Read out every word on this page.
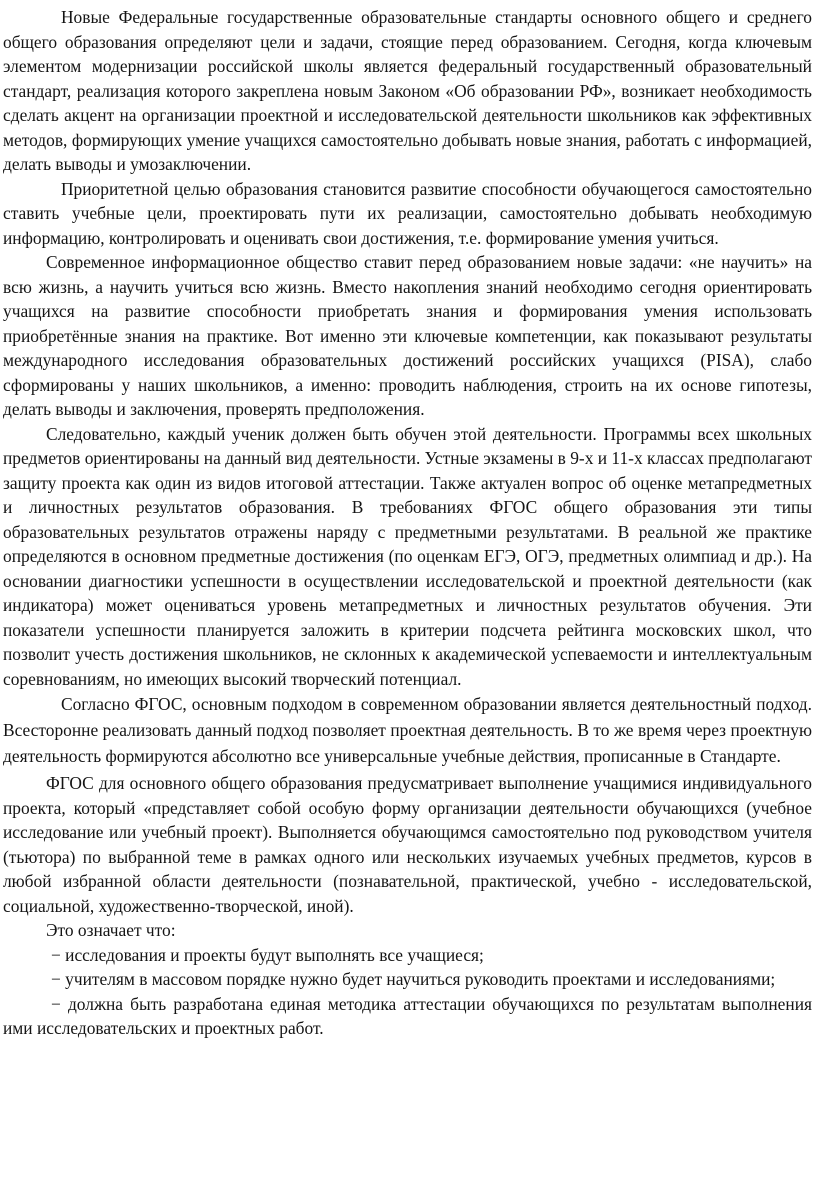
Новые Федеральные государственные образовательные стандарты основного общего и среднего общего образования определяют цели и задачи, стоящие перед образованием. Сегодня, когда ключевым элементом модернизации российской школы является федеральный государственный образовательный стандарт, реализация которого закреплена новым Законом «Об образовании РФ», возникает необходимость сделать акцент на организации проектной и исследовательской деятельности школьников как эффективных методов, формирующих умение учащихся самостоятельно добывать новые знания, работать с информацией, делать выводы и умозаключении.

Приоритетной целью образования становится развитие способности обучающегося самостоятельно ставить учебные цели, проектировать пути их реализации, самостоятельно добывать необходимую информацию, контролировать и оценивать свои достижения, т.е. формирование умения учиться.

Современное информационное общество ставит перед образованием новые задачи: «не научить» на всю жизнь, а научить учиться всю жизнь. Вместо накопления знаний необходимо сегодня ориентировать учащихся на развитие способности приобретать знания и формирования умения использовать приобретённые знания на практике. Вот именно эти ключевые компетенции, как показывают результаты международного исследования образовательных достижений российских учащихся (PISA), слабо сформированы у наших школьников, а именно: проводить наблюдения, строить на их основе гипотезы, делать выводы и заключения, проверять предположения.

Следовательно, каждый ученик должен быть обучен этой деятельности. Программы всех школьных предметов ориентированы на данный вид деятельности. Устные экзамены в 9-х и 11-х классах предполагают защиту проекта как один из видов итоговой аттестации. Также актуален вопрос об оценке метапредметных и личностных результатов образования. В требованиях ФГОС общего образования эти типы образовательных результатов отражены наряду с предметными результатами. В реальной же практике определяются в основном предметные достижения (по оценкам ЕГЭ, ОГЭ, предметных олимпиад и др.). На основании диагностики успешности в осуществлении исследовательской и проектной деятельности (как индикатора) может оцениваться уровень метапредметных и личностных результатов обучения. Эти показатели успешности планируется заложить в критерии подсчета рейтинга московских школ, что позволит учесть достижения школьников, не склонных к академической успеваемости и интеллектуальным соревнованиям, но имеющих высокий творческий потенциал.

Согласно ФГОС, основным подходом в современном образовании является деятельностный подход. Всесторонне реализовать данный подход позволяет проектная деятельность. В то же время через проектную деятельность формируются абсолютно все универсальные учебные действия, прописанные в Стандарте.

ФГОС для основного общего образования предусматривает выполнение учащимися индивидуального проекта, который «представляет собой особую форму организации деятельности обучающихся (учебное исследование или учебный проект). Выполняется обучающимся самостоятельно под руководством учителя (тьютора) по выбранной теме в рамках одного или нескольких изучаемых учебных предметов, курсов в любой избранной области деятельности (познавательной, практической, учебно - исследовательской, социальной, художественно-творческой, иной).

Это означает что:

− исследования и проекты будут выполнять все учащиеся;

− учителям в массовом порядке нужно будет научиться руководить проектами и исследованиями;

− должна быть разработана единая методика аттестации обучающихся по результатам выполнения ими исследовательских и проектных работ.
